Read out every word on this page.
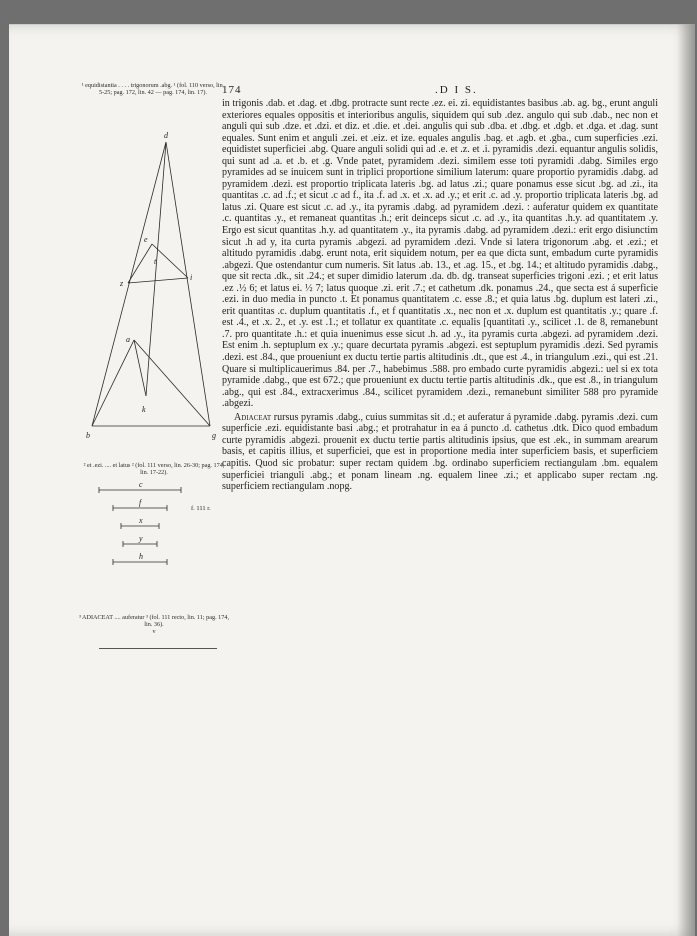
174	.D I S.
¹ equidistantia . . . . trigonorum .abg. ¹ (fol. 110 verso, lin. 5-25; pag. 172, lin. 42 — pag. 174, lin. 17).
d
e
t
z
i
a
k
b	g
² et .ezi. .... et latus ² (fol. 111 verso, lin. 26-30; pag. 174, lin. 17-22).
c
f
x
y
h
f. 111 r.
³ ADIACEAT .... auferatur ³ (fol. 111 recto, lin. 11; pag. 174, lin. 36).
v

in trigonis .dab. et .dag. et .dbg. protracte sunt recte .ez. ei. zi. equidistantes basibus .ab. ag. bg., erunt anguli exteriores equales oppositis et interioribus angulis, siquidem qui sub .dez. angulo qui sub .dab., nec non et anguli qui sub .dze. et .dzi. et diz. et .die. et .dei. angulis qui sub .dba. et .dbg. et .dgb. et .dga. et .dag. sunt equales. Sunt enim et anguli .zei. et .eiz. et ize. equales angulis .bag. et .agb. et .gba., cum superficies .ezi. equidistet superficiei .abg. Quare anguli solidi qui ad .e. et .z. et .i. pyramidis .dezi. equantur angulis solidis, qui sunt ad .a. et .b. et .g. Vnde patet, pyramidem .dezi. similem esse toti pyramidi .dabg. Similes ergo pyramides ad se inuicem sunt in triplici proportione similium laterum: quare proportio pyramidis .dabg. ad pyramidem .dezi. est proportio triplicata lateris .bg. ad latus .zi.; quare ponamus esse sicut .bg. ad .zi., ita quantitas .c. ad .f.; et sicut .c ad f., ita .f. ad .x. et .x. ad .y.; et erit .c. ad .y. proportio triplicata lateris .bg. ad latus .zi. Quare est sicut .c. ad .y., ita pyramis .dabg. ad pyramidem .dezi. : auferatur quidem ex quantitate .c. quantitas .y., et remaneat quantitas .h.; erit deinceps sicut .c. ad .y., ita quantitas .h.y. ad quantitatem .y. Ergo est sicut quantitas .h.y. ad quantitatem .y., ita pyramis .dabg. ad pyramidem .dezi.: erit ergo disiunctim sicut .h ad y, ita curta pyramis .abgezi. ad pyramidem .dezi. Vnde si latera trigonorum .abg. et .ezi.; et altitudo pyramidis .dabg. erunt nota, erit siquidem notum, per ea que dicta sunt, embadum curte pyramidis .abgezi. Que ostendantur cum numeris. Sit latus .ab. 13., et .ag. 15., et .bg. 14.; et altitudo pyramidis .dabg., que sit recta .dk., sit .24.; et super dimidio laterum .da. db. dg. transeat superficies trigoni .ezi. ; et erit latus .ez .½ 6; et latus ei. ½ 7; latus quoque .zi. erit .7.; et cathetum .dk. ponamus .24., que secta est á superficie .ezi. in duo media in puncto .t. Et ponamus quantitatem .c. esse .8.; et quia latus .bg. duplum est lateri .zi., erit quantitas .c. duplum quantitatis .f., et f quantitatis .x., nec non et .x. duplum est quantitatis .y.; quare .f. est .4., et .x. 2., et .y. est .1.; et tollatur ex quantitate .c. equalis [quantitati .y., scilicet .1. de 8, remanebunt .7. pro quantitate .h.: et quia inuenimus esse sicut .h. ad .y., ita pyramis curta .abgezi. ad pyramidem .dezi. Est enim .h. septuplum ex .y.; quare decurtata pyramis .abgezi. est septuplum pyramidis .dezi. Sed pyramis .dezi. est .84., que proueniunt ex ductu tertie partis altitudinis .dt., que est .4., in triangulum .ezi., qui est .21. Quare si multiplicauerimus .84. per .7., habebimus .588. pro embado curte pyramidis .abgezi.: uel si ex tota pyramide .dabg., que est 672.; que proueniunt ex ductu tertie partis altitudinis .dk., que est .8., in triangulum .abg., qui est .84., extracxerimus .84., scilicet pyramidem .dezi., remanebunt similiter 588 pro pyramide .abgezi.

Adiaceat rursus pyramis .dabg., cuius summitas sit .d.; et auferatur á pyramide .dabg. pyramis .dezi. cum superficie .ezi. equidistante basi .abg.; et protrahatur in ea á puncto .d. cathetus .dtk. Dico quod embadum curte pyramidis .abgezi. prouenit ex ductu tertie partis altitudinis ipsius, que est .ek., in summam arearum basis, et capitis illius, et superficiei, que est in proportione media inter superficiem basis, et superficiem capitis. Quod sic probatur: super rectam quidem .bg. ordinabo superficiem rectiangulam .bm. equalem superficiei trianguli .abg.; et ponam lineam .ng. equalem linee .zi.; et applicabo super rectam .ng. superficiem rectiangulam .nopg.
